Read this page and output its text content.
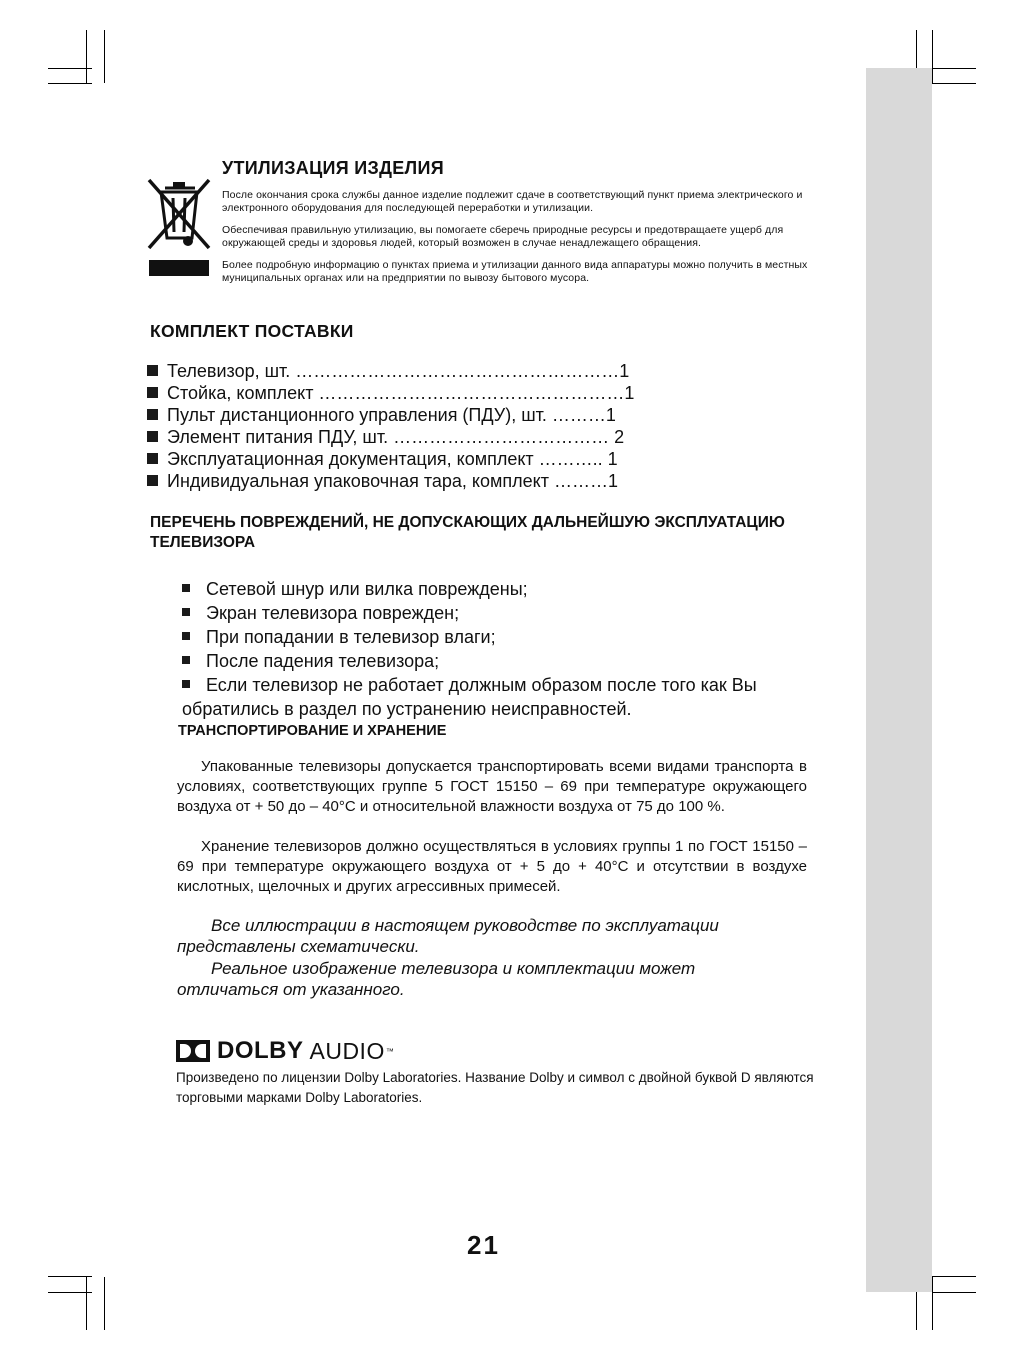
УТИЛИЗАЦИЯ ИЗДЕЛИЯ

После окончания срока службы данное изделие подлежит сдаче в соответствующий пункт приема электрического и электронного оборудования для последующей переработки и утилизации.

Обеспечивая правильную утилизацию, вы помогаете сберечь природные ресурсы и предотвращаете ущерб для окружающей среды и здоровья людей, который возможен в случае ненадлежащего обращения.

Более подробную информацию о пунктах приема и утилизации данного вида аппаратуры можно получить в местных муниципальных органах или на предприятии по вывозу бытового мусора.

КОМПЛЕКТ ПОСТАВКИ
Телевизор, шт. ………………………………………………1
Стойка, комплект ……………………………………………1
Пульт дистанционного управления (ПДУ), шт. ………1
Элемент питания ПДУ, шт. ……………………………… 2
Эксплуатационная документация, комплект ……….. 1
Индивидуальная упаковочная тара, комплект ………1
ПЕРЕЧЕНЬ ПОВРЕЖДЕНИЙ, НЕ ДОПУСКАЮЩИХ ДАЛЬНЕЙШУЮ ЭКСПЛУАТАЦИЮ ТЕЛЕВИЗОРА
Сетевой шнур или вилка повреждены;
Экран телевизора поврежден;
При попадании в телевизор влаги;
После падения телевизора;
Если телевизор не работает должным образом после того как Вы обратились в раздел по устранению неисправностей.
ТРАНСПОРТИРОВАНИЕ И ХРАНЕНИЕ

Упакованные телевизоры допускается транспортировать всеми видами транспорта в условиях, соответствующих группе 5 ГОСТ 15150 – 69 при температуре окружающего воздуха от + 50 до – 40°С и относительной влажности воздуха от 75 до 100 %.

Хранение телевизоров должно осуществляться в условиях группы 1 по ГОСТ 15150 – 69 при температуре окружающего воздуха от + 5 до + 40°С и отсутствии в воздухе кислотных, щелочных и других агрессивных примесей.

Все иллюстрации в настоящем руководстве по эксплуатации представлены схематически.

Реальное изображение телевизора и комплектации может отличаться от указанного.

DOLBY AUDIO ™

Произведено по лицензии Dolby Laboratories. Название Dolby и символ с двойной буквой D являются торговыми марками Dolby Laboratories.

21
